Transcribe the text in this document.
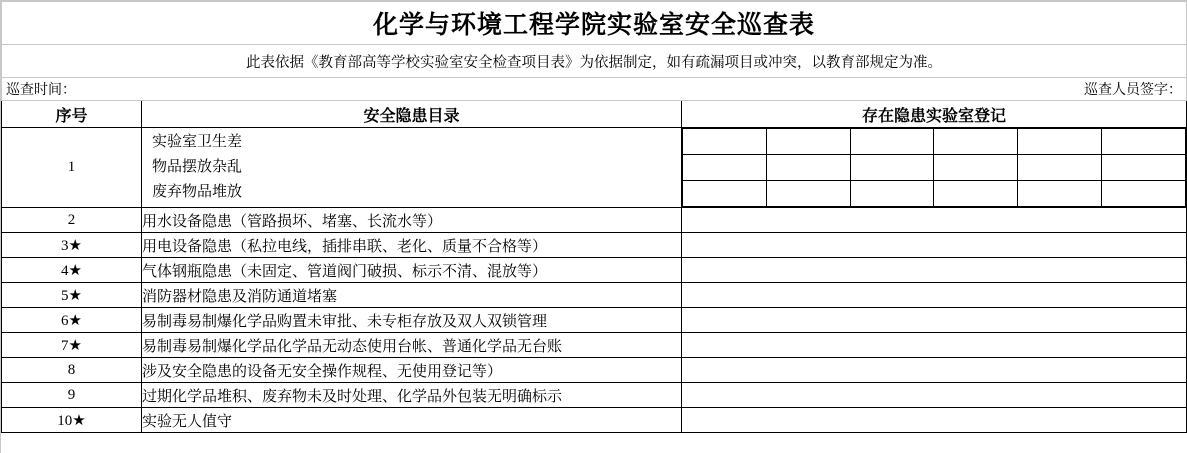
化学与环境工程学院实验室安全巡查表
此表依据《教育部高等学校实验室安全检查项目表》为依据制定，如有疏漏项目或冲突，以教育部规定为准。

巡查时间：	巡查人员签字：

序号	安全隐患目录	存在隐患实验室登记
1	
实验室卫生差
物品摆放杂乱
废弃物品堆放

2	用水设备隐患（管路损坏、堵塞、长流水等）	
3★	用电设备隐患（私拉电线，插排串联、老化、质量不合格等）	
4★	气体钢瓶隐患（未固定、管道阀门破损、标示不清、混放等）	
5★	消防器材隐患及消防通道堵塞	
6★	易制毒易制爆化学品购置未审批、未专柜存放及双人双锁管理	
7★	易制毒易制爆化学品化学品无动态使用台帐、普通化学品无台账	
8	涉及安全隐患的设备无安全操作规程、无使用登记等）	
9	过期化学品堆积、废弃物未及时处理、化学品外包装无明确标示	
10★	实验无人值守	
